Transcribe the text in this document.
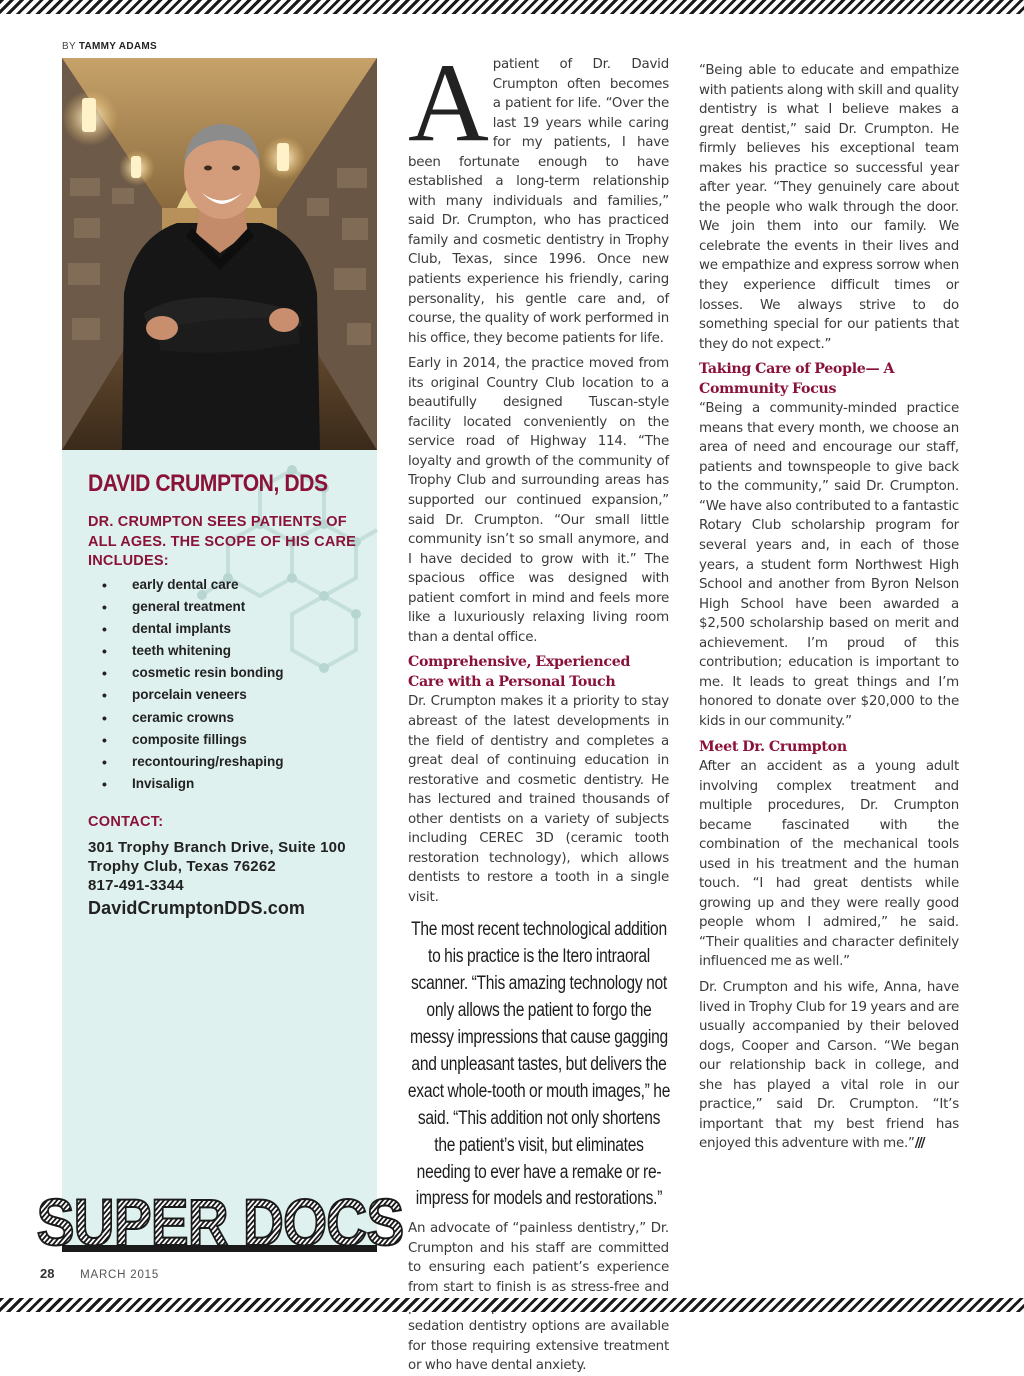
BY TAMMY ADAMS
DAVID CRUMPTON, DDS
DR. CRUMPTON SEES PATIENTS OF ALL AGES. THE SCOPE OF HIS CARE INCLUDES:
• early dental care
• general treatment
• dental implants
• teeth whitening
• cosmetic resin bonding
• porcelain veneers
• ceramic crowns
• composite fillings
• recontouring/reshaping
• Invisalign
CONTACT:
301 Trophy Branch Drive, Suite 100
Trophy Club, Texas 76262
817-491-3344
DavidCrumptonDDS.com
SUPER DOCS
A patient of Dr. David Crumpton often becomes a patient for life. “Over the last 19 years while caring for my patients, I have been fortunate enough to have established a long-term relationship with many individuals and families,” said Dr. Crumpton, who has practiced family and cosmetic dentistry in Trophy Club, Texas, since 1996. Once new patients experience his friendly, caring personality, his gentle care and, of course, the quality of work performed in his office, they become patients for life.

Early in 2014, the practice moved from its original Country Club location to a beautifully designed Tuscan-style facility located conveniently on the service road of Highway 114. “The loyalty and growth of the community of Trophy Club and surrounding areas has supported our continued expansion,” said Dr. Crumpton. “Our small little community isn’t so small anymore, and I have decided to grow with it.” The spacious office was designed with patient comfort in mind and feels more like a luxuriously relaxing living room than a dental office.

Comprehensive, Experienced Care with a Personal Touch

Dr. Crumpton makes it a priority to stay abreast of the latest developments in the field of dentistry and completes a great deal of continuing education in restorative and cosmetic dentistry. He has lectured and trained thousands of other dentists on a variety of subjects including CEREC 3D (ceramic tooth restoration technology), which allows dentists to restore a tooth in a single visit.

The most recent technological addition to his practice is the Itero intraoral scanner. “This amazing technology not only allows the patient to forgo the messy impressions that cause gagging and unpleasant tastes, but delivers the exact whole-tooth or mouth images,” he said. “This addition not only shortens the patient’s visit, but eliminates needing to ever have a remake or re-impress for models and restorations.”

An advocate of “painless dentistry,” Dr. Crumpton and his staff are committed to ensuring each patient’s experience from start to finish is as stress-free and sedation dentistry options are available for those requiring extensive treatment or who have dental anxiety.

“Being able to educate and empathize with patients along with skill and quality dentistry is what I believe makes a great dentist,” said Dr. Crumpton. He firmly believes his exceptional team makes his practice so successful year after year. “They genuinely care about the people who walk through the door. We join them into our family. We celebrate the events in their lives and we empathize and express sorrow when they experience difficult times or losses. We always strive to do something special for our patients that they do not expect.”

Taking Care of People— A Community Focus

“Being a community-minded practice means that every month, we choose an area of need and encourage our staff, patients and townspeople to give back to the community,” said Dr. Crumpton. “We have also contributed to a fantastic Rotary Club scholarship program for several years and, in each of those years, a student form Northwest High School and another from Byron Nelson High School have been awarded a $2,500 scholarship based on merit and achievement. I’m proud of this contribution; education is important to me. It leads to great things and I’m honored to donate over $20,000 to the kids in our community.”

Meet Dr. Crumpton

After an accident as a young adult involving complex treatment and multiple procedures, Dr. Crumpton became fascinated with the combination of the mechanical tools used in his treatment and the human touch. “I had great dentists while growing up and they were really good people whom I admired,” he said. “Their qualities and character definitely influenced me as well.”

Dr. Crumpton and his wife, Anna, have lived in Trophy Club for 19 years and are usually accompanied by their beloved dogs, Cooper and Carson. “We began our relationship back in college, and she has played a vital role in our practice,” said Dr. Crumpton. “It’s important that my best friend has enjoyed this adventure with me.”///

28 MARCH 2015
